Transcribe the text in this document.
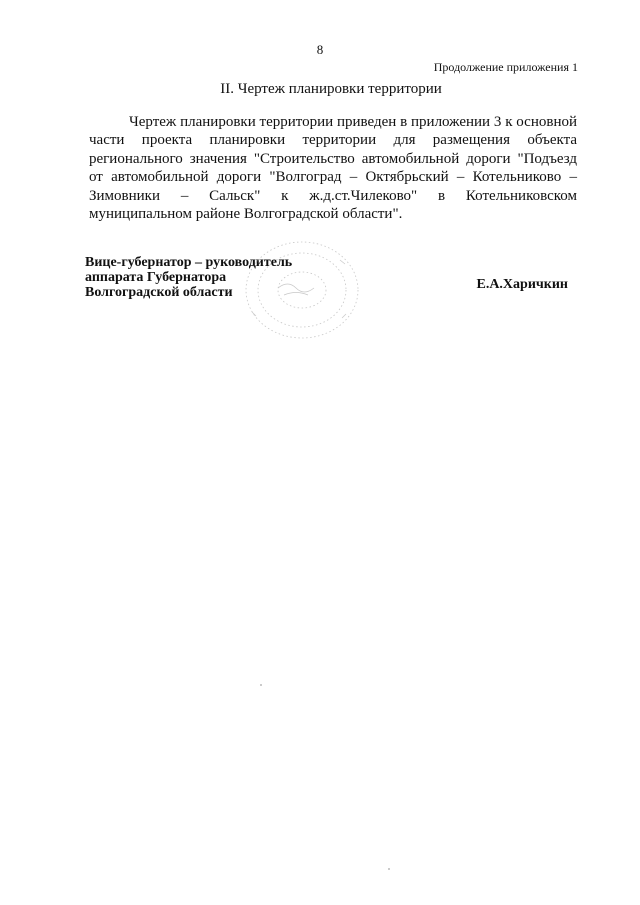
8
Продолжение приложения 1
II. Чертеж планировки территории

Чертеж планировки территории приведен в приложении 3 к основной части проекта планировки территории для размещения объекта регионального значения "Строительство автомобильной дороги "Подъезд от автомобильной дороги "Волгоград – Октябрьский – Котельниково – Зимовники – Сальск" к ж.д.ст.Чилеково" в Котельниковском муниципальном районе Волгоградской области".

Вице-губернатор – руководитель
аппарата Губернатора
Волгоградской области
Е.А.Харичкин
